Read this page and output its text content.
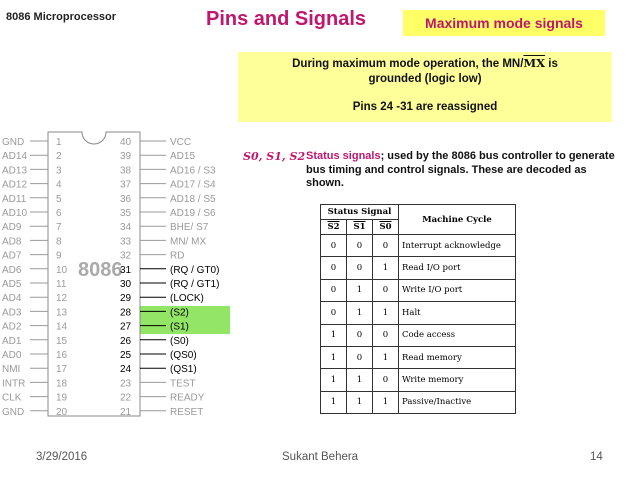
8086 Microprocessor	Pins and Signals	Maximum mode signals
During maximum mode operation, the $MN/\overline{MX}$ is
grounded (logic low)
Pins 24 -31 are reassigned
8086
GND	1
AD14	2
AD13	3
AD12	4
AD11	5
AD10	6
AD9	7
AD8	8
AD7	9
AD6	10
AD5	11
AD4	12
AD3	13
AD2	14
AD1	15
AD0	16
NMI	17
INTR	18
CLK	19
GND	20
40	VCC
39	AD15
38	AD16 / S3
37	AD17 / S4
36	AD18 / S5
35	AD19 / S6
34	BHE/ S7
33	MN/ MX
32	RD
31	(RQ / GT0)
30	(RQ / GT1)
29	(LOCK)
28	(S2)
27	(S1)
26	(S0)
25	(QS0)
24	(QS1)
23	TEST
22	READY
21	RESET
S0, S1, S2 Status signals; used by the 8086 bus controller to generate bus timing and control signals. These are decoded as shown.
Status Signal			Machine Cycle
S2	S1	S0	
0	0	0	Interrupt acknowledge
0	0	1	Read I/O port
0	1	0	Write I/O port
0	1	1	Halt
1	0	0	Code access
1	0	1	Read memory
1	1	0	Write memory
1	1	1	Passive/Inactive
3/29/2016	Sukant Behera	14
